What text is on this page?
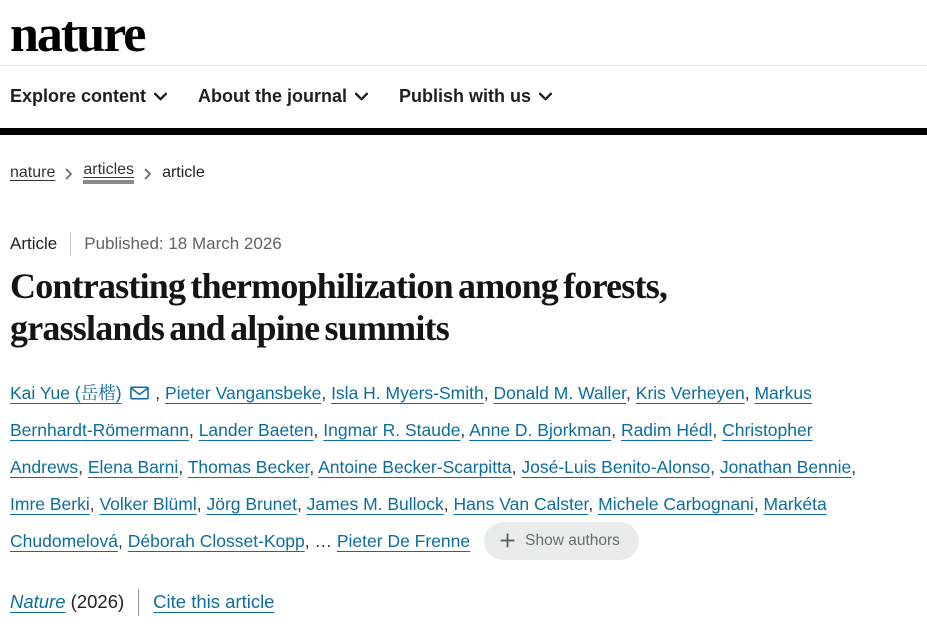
nature
Explore content	About the journal	Publish with us
nature articles article
Article Published: 18 March 2026
Contrasting thermophilization among forests, grasslands and alpine summits

Kai Yue (岳楷) , Pieter Vangansbeke, Isla H. Myers-Smith, Donald M. Waller, Kris Verheyen, Markus Bernhardt-Römermann, Lander Baeten, Ingmar R. Staude, Anne D. Bjorkman, Radim Hédl, Christopher Andrews, Elena Barni, Thomas Becker, Antoine Becker-Scarpitta, José-Luis Benito-Alonso, Jonathan Bennie, Imre Berki, Volker Blüml, Jörg Brunet, James M. Bullock, Hans Van Calster, Michele Carbognani, Markéta Chudomelová, Déborah Closset-Kopp, … Pieter De Frenne	Show authors

Nature (2026) Cite this article
